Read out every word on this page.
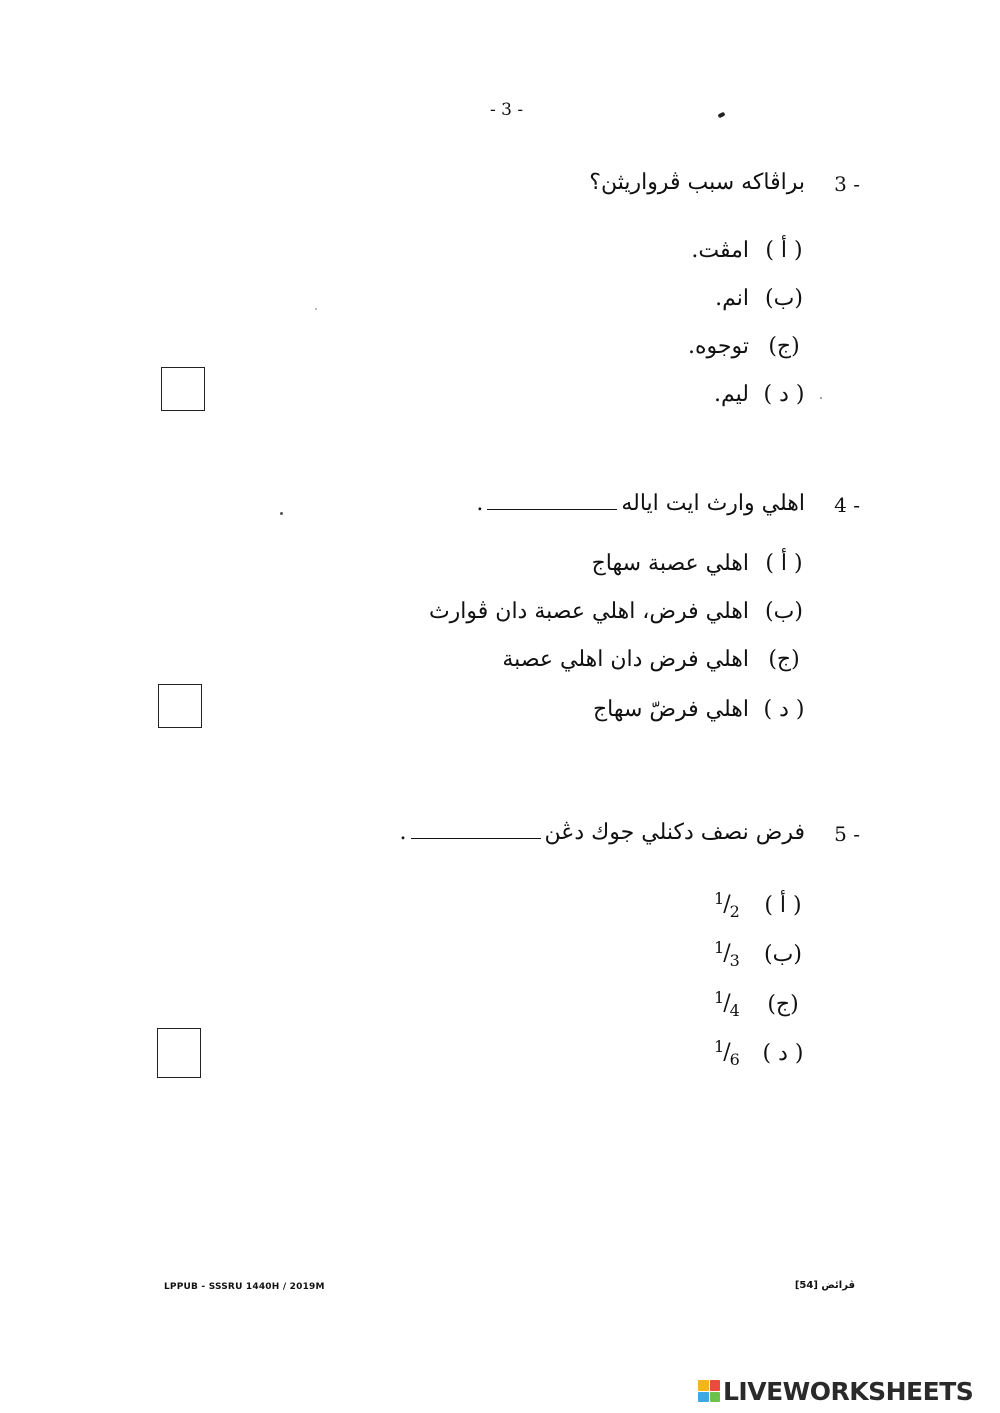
- 3 -
3 -
براڤاكه سبب ڤرواريثن؟
( أ )امڤت.
(ب)انم.
(ج)توجوه.
( د )ليم.
4 -
اهلي وارث ايت اياله.
( أ )اهلي عصبة سهاج
(ب)اهلي فرض، اهلي عصبة دان ڤوارث
(ج)اهلي فرض دان اهلي عصبة
( د )اهلي فرضّ سهاج
5 -
فرض نصف دكنلي جوك دڠن.
$^1/_2$ ( أ )
$^1/_3$ (ب)
$^1/_4$ (ج)
$^1/_6$ ( د )
LPPUB - SSSRU 1440H / 2019M	ڤرائض [54]
LIVEWORKSHEETS
